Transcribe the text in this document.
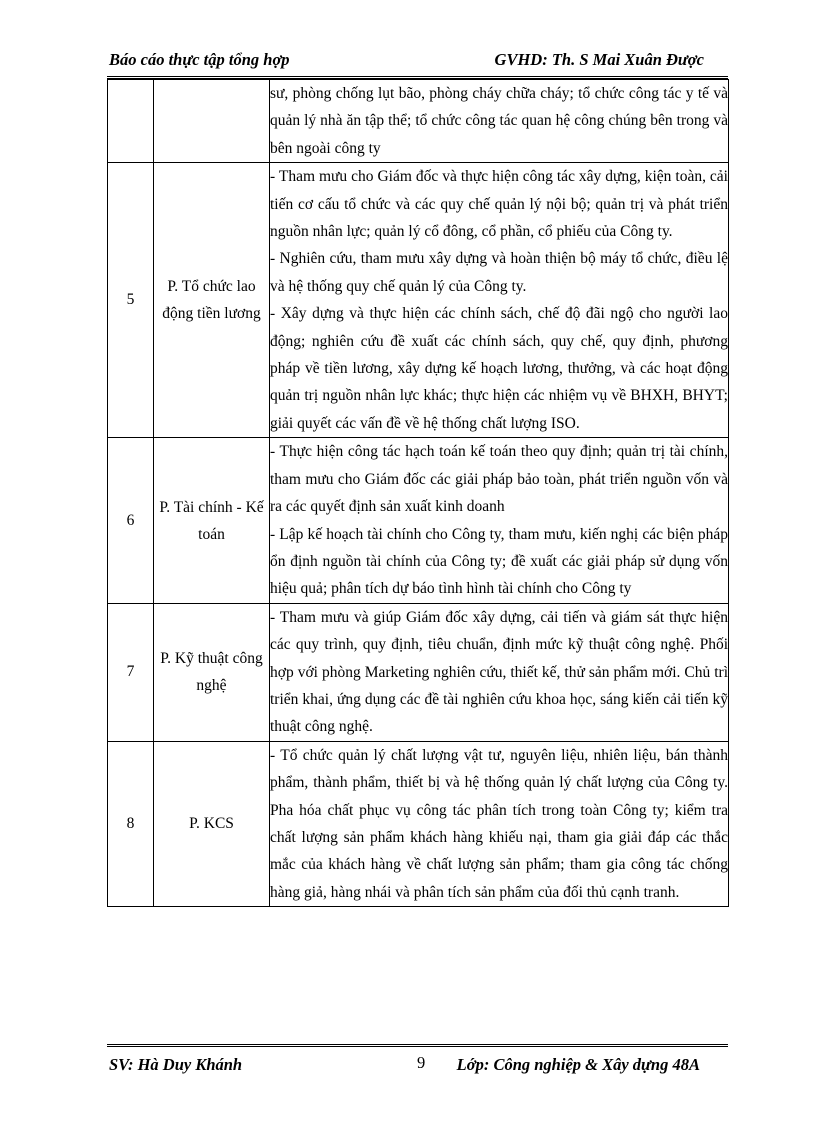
Báo cáo thực tập tổng hợp	GVHD: Th. S Mai Xuân Được

		sư, phòng chống lụt bão, phòng cháy chữa cháy; tổ chức công tác y tế và quản lý nhà ăn tập thể; tổ chức công tác quan hệ công chúng bên trong và bên ngoài công ty

5	P. Tổ chức lao động tiền lương	- Tham mưu cho Giám đốc và thực hiện công tác xây dựng, kiện toàn, cải tiến cơ cấu tổ chức và các quy chế quản lý nội bộ; quản trị và phát triển nguồn nhân lực; quản lý cổ đông, cổ phần, cổ phiếu của Công ty.

- Nghiên cứu, tham mưu xây dựng và hoàn thiện bộ máy tổ chức, điều lệ và hệ thống quy chế quản lý của Công ty.

- Xây dựng và thực hiện các chính sách, chế độ đãi ngộ cho người lao động; nghiên cứu đề xuất các chính sách, quy chế, quy định, phương pháp về tiền lương, xây dựng kế hoạch lương, thưởng, và các hoạt động quản trị nguồn nhân lực khác; thực hiện các nhiệm vụ về BHXH, BHYT; giải quyết các vấn đề về hệ thống chất lượng ISO.

6	P. Tài chính - Kế toán	- Thực hiện công tác hạch toán kế toán theo quy định; quản trị tài chính, tham mưu cho Giám đốc các giải pháp bảo toàn, phát triển nguồn vốn và ra các quyết định sản xuất kinh doanh

- Lập kế hoạch tài chính cho Công ty, tham mưu, kiến nghị các biện pháp ổn định nguồn tài chính của Công ty; đề xuất các giải pháp sử dụng vốn hiệu quả; phân tích dự báo tình hình tài chính cho Công ty

7	P. Kỹ thuật công nghệ	- Tham mưu và giúp Giám đốc xây dựng, cải tiến và giám sát thực hiện các quy trình, quy định, tiêu chuẩn, định mức kỹ thuật công nghệ. Phối hợp với phòng Marketing nghiên cứu, thiết kế, thử sản phẩm mới. Chủ trì triển khai, ứng dụng các đề tài nghiên cứu khoa học, sáng kiến cải tiến kỹ thuật công nghệ.

8	P. KCS	- Tổ chức quản lý chất lượng vật tư, nguyên liệu, nhiên liệu, bán thành phẩm, thành phẩm, thiết bị và hệ thống quản lý chất lượng của Công ty. Pha hóa chất phục vụ công tác phân tích trong toàn Công ty; kiểm tra chất lượng sản phẩm khách hàng khiếu nại, tham gia giải đáp các thắc mắc của khách hàng về chất lượng sản phẩm; tham gia công tác chống hàng giả, hàng nhái và phân tích sản phẩm của đối thủ cạnh tranh.

SV: Hà Duy Khánh	9 Lớp: Công nghiệp & Xây dựng 48A
